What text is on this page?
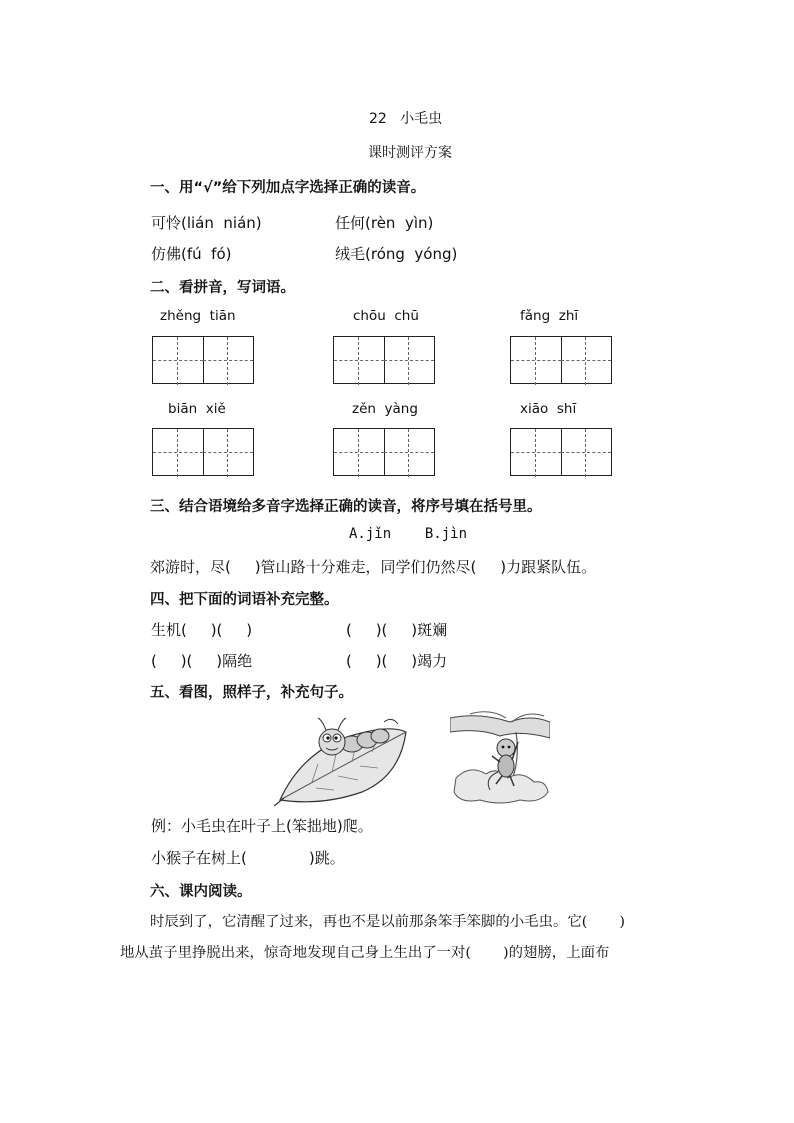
22   小毛虫
课时测评方案
一、用“√”给下列加点字选择正确的读音。
可怜(lián  nián)	任何(rèn  yìn)
仿佛(fú  fó)	绒毛(róng  yóng)
二、看拼音，写词语。
zhěng  tiān	chōu  chū	fǎng  zhī
biān  xiě	zěn  yàng	xiāo  shī
三、结合语境给多音字选择正确的读音，将序号填在括号里。
A.jǐn    B.jìn
郊游时，尽(     )管山路十分难走，同学们仍然尽(     )力跟紧队伍。
四、把下面的词语补充完整。
生机(     )(     )	(     )(     )斑斓
(     )(     )隔绝	(     )(     )竭力
五、看图，照样子，补充句子。
例：小毛虫在叶子上(笨拙地)爬。
小猴子在树上(             )跳。
六、课内阅读。
时辰到了，它清醒了过来，再也不是以前那条笨手笨脚的小毛虫。它(       )
地从茧子里挣脱出来，惊奇地发现自己身上生出了一对(       )的翅膀，上面布
